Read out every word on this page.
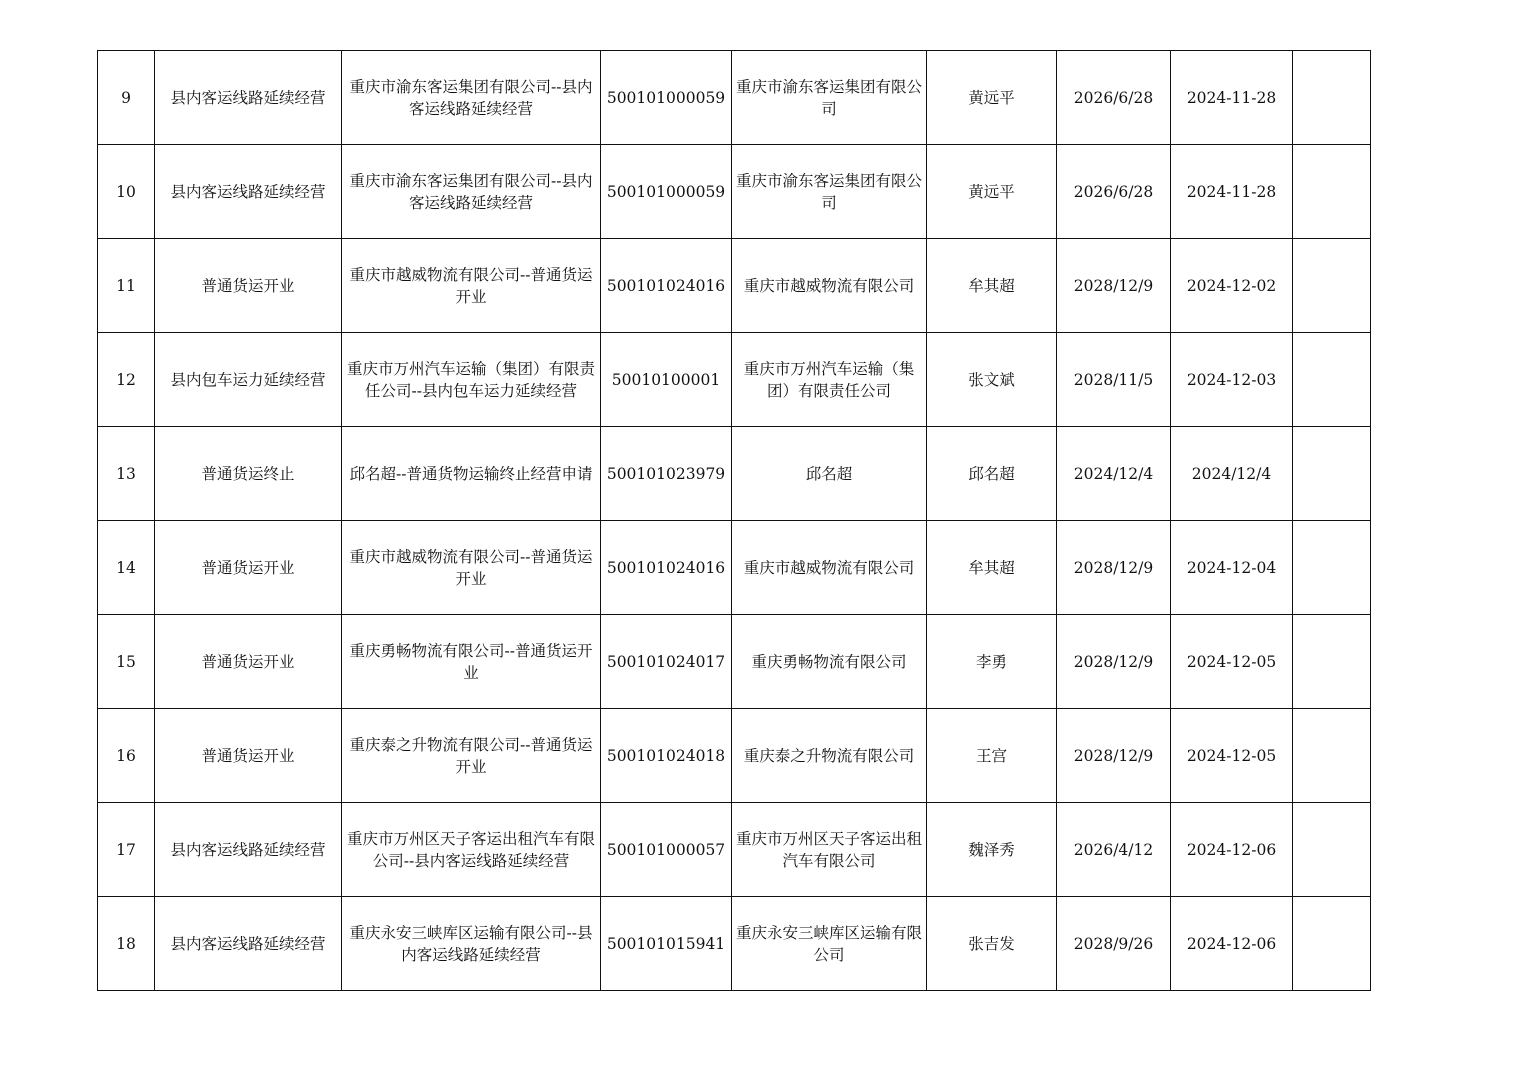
9	县内客运线路延续经营	重庆市渝东客运集团有限公司--县内客运线路延续经营	500101000059	重庆市渝东客运集团有限公司	黄远平	2026/6/28	2024-11-28	
10	县内客运线路延续经营	重庆市渝东客运集团有限公司--县内客运线路延续经营	500101000059	重庆市渝东客运集团有限公司	黄远平	2026/6/28	2024-11-28	
11	普通货运开业	重庆市越威物流有限公司--普通货运开业	500101024016	重庆市越威物流有限公司	牟其超	2028/12/9	2024-12-02	
12	县内包车运力延续经营	重庆市万州汽车运输（集团）有限责任公司--县内包车运力延续经营	50010100001	重庆市万州汽车运输（集团）有限责任公司	张文斌	2028/11/5	2024-12-03	
13	普通货运终止	邱名超--普通货物运输终止经营申请	500101023979	邱名超	邱名超	2024/12/4	2024/12/4	
14	普通货运开业	重庆市越威物流有限公司--普通货运开业	500101024016	重庆市越威物流有限公司	牟其超	2028/12/9	2024-12-04	
15	普通货运开业	重庆勇畅物流有限公司--普通货运开业	500101024017	重庆勇畅物流有限公司	李勇	2028/12/9	2024-12-05	
16	普通货运开业	重庆泰之升物流有限公司--普通货运开业	500101024018	重庆泰之升物流有限公司	王宫	2028/12/9	2024-12-05	
17	县内客运线路延续经营	重庆市万州区天子客运出租汽车有限公司--县内客运线路延续经营	500101000057	重庆市万州区天子客运出租汽车有限公司	魏泽秀	2026/4/12	2024-12-06	
18	县内客运线路延续经营	重庆永安三峡库区运输有限公司--县内客运线路延续经营	500101015941	重庆永安三峡库区运输有限公司	张吉发	2028/9/26	2024-12-06	
